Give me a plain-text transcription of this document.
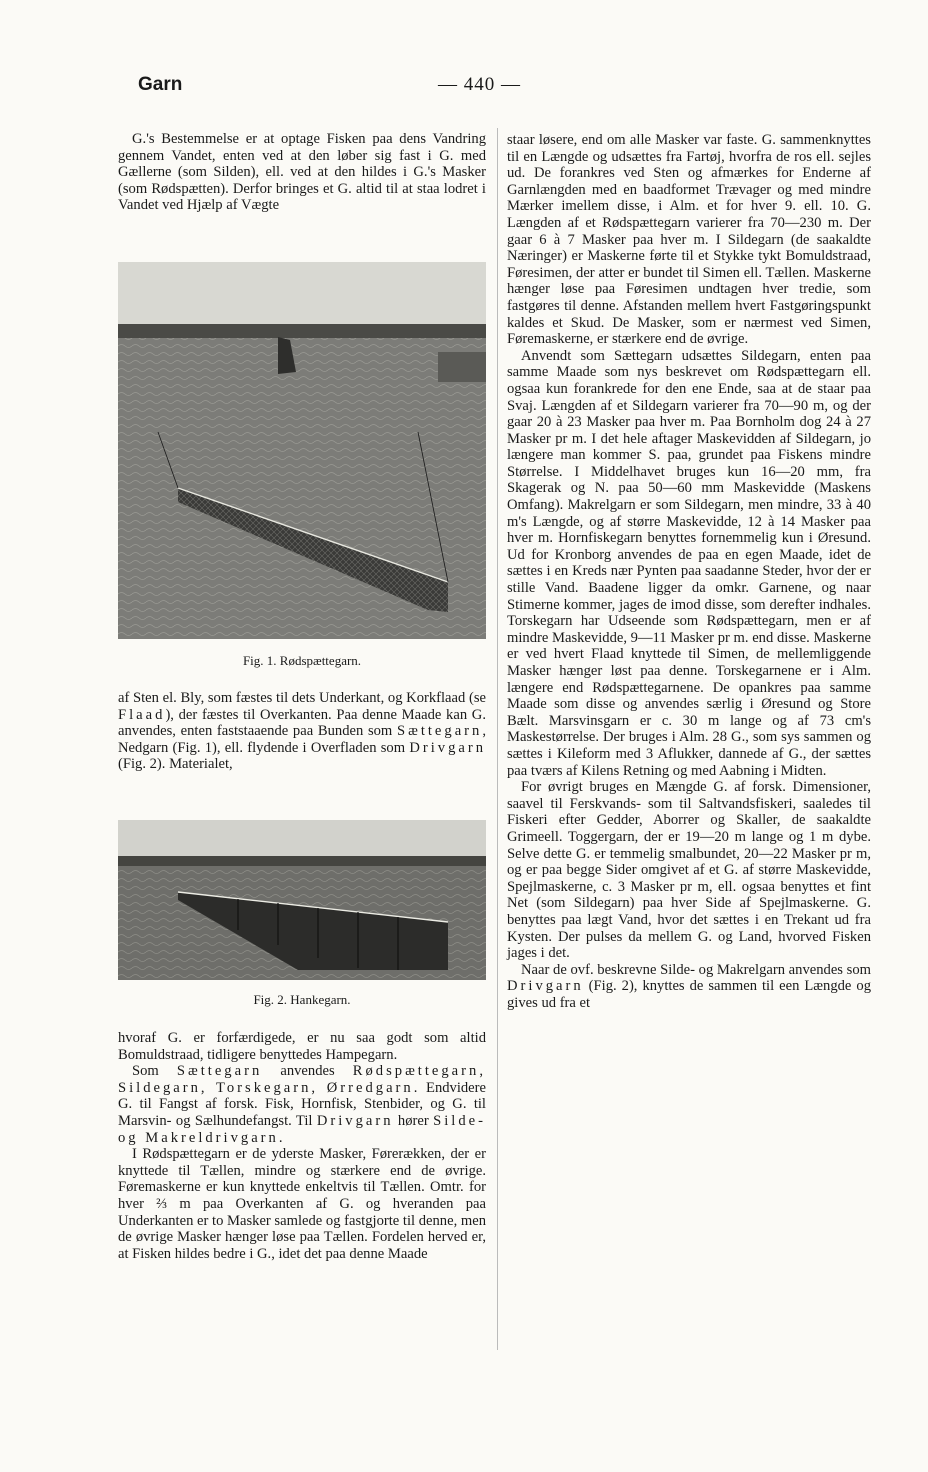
Garn	— 440 —

G.'s Bestemmelse er at optage Fisken paa dens Vandring gennem Vandet, enten ved at den løber sig fast i G. med Gællerne (som Silden), ell. ved at den hildes i G.'s Masker (som Rødspætten). Derfor bringes et G. altid til at staa lodret i Vandet ved Hjælp af Vægte

Fig. 1. Rødspættegarn.

af Sten el. Bly, som fæstes til dets Underkant, og Korkflaad (se Flaad), der fæstes til Overkanten. Paa denne Maade kan G. anvendes, enten faststaaende paa Bunden som Sættegarn, Nedgarn (Fig. 1), ell. flydende i Overfladen som Drivgarn (Fig. 2). Materialet,

Fig. 2. Hankegarn.

hvoraf G. er forfærdigede, er nu saa godt som altid Bomuldstraad, tidligere benyttedes Hampegarn.

Som Sættegarn anvendes Rødspættegarn, Sildegarn, Torskegarn, Ørredgarn. Endvidere G. til Fangst af forsk. Fisk, Hornfisk, Stenbider, og G. til Marsvin- og Sælhundefangst. Til Drivgarn hører Silde- og Makreldrivgarn.

I Rødspættegarn er de yderste Masker, Førerækken, der er knyttede til Tællen, mindre og stærkere end de øvrige. Føremaskerne er kun knyttede enkeltvis til Tællen. Omtr. for hver ⅔ m paa Overkanten af G. og hveranden paa Underkanten er to Masker samlede og fastgjorte til denne, men de øvrige Masker hænger løse paa Tællen. Fordelen herved er, at Fisken hildes bedre i G., idet det paa denne Maade

staar løsere, end om alle Masker var faste. G. sammenknyttes til en Længde og udsættes fra Fartøj, hvorfra de ros ell. sejles ud. De forankres ved Sten og afmærkes for Enderne af Garnlængden med en baadformet Trævager og med mindre Mærker imellem disse, i Alm. et for hver 9. ell. 10. G. Længden af et Rødspættegarn varierer fra 70—230 m. Der gaar 6 à 7 Masker paa hver m. I Sildegarn (de saakaldte Næringer) er Maskerne førte til et Stykke tykt Bomuldstraad, Føresimen, der atter er bundet til Simen ell. Tællen. Maskerne hænger løse paa Føresimen undtagen hver tredie, som fastgøres til denne. Afstanden mellem hvert Fastgøringspunkt kaldes et Skud. De Masker, som er nærmest ved Simen, Føremaskerne, er stærkere end de øvrige.

Anvendt som Sættegarn udsættes Sildegarn, enten paa samme Maade som nys beskrevet om Rødspættegarn ell. ogsaa kun forankrede for den ene Ende, saa at de staar paa Svaj. Længden af et Sildegarn varierer fra 70—90 m, og der gaar 20 à 23 Masker paa hver m. Paa Bornholm dog 24 à 27 Masker pr m. I det hele aftager Maskevidden af Sildegarn, jo længere man kommer S. paa, grundet paa Fiskens mindre Størrelse. I Middelhavet bruges kun 16—20 mm, fra Skagerak og N. paa 50—60 mm Maskevidde (Maskens Omfang). Makrelgarn er som Sildegarn, men mindre, 33 à 40 m's Længde, og af større Maskevidde, 12 à 14 Masker paa hver m. Hornfiskegarn benyttes fornemmelig kun i Øresund. Ud for Kronborg anvendes de paa en egen Maade, idet de sættes i en Kreds nær Pynten paa saadanne Steder, hvor der er stille Vand. Baadene ligger da omkr. Garnene, og naar Stimerne kommer, jages de imod disse, som derefter indhales. Torskegarn har Udseende som Rødspættegarn, men er af mindre Maskevidde, 9—11 Masker pr m. end disse. Maskerne er ved hvert Flaad knyttede til Simen, de mellemliggende Masker hænger løst paa denne. Torskegarnene er i Alm. længere end Rødspættegarnene. De opankres paa samme Maade som disse og anvendes særlig i Øresund og Store Bælt. Marsvinsgarn er c. 30 m lange og af 73 cm's Maskestørrelse. Der bruges i Alm. 28 G., som sys sammen og sættes i Kileform med 3 Aflukker, dannede af G., der sættes paa tværs af Kilens Retning og med Aabning i Midten.

For øvrigt bruges en Mængde G. af forsk. Dimensioner, saavel til Ferskvands- som til Saltvandsfiskeri, saaledes til Fiskeri efter Gedder, Aborrer og Skaller, de saakaldte Grimeell. Toggergarn, der er 19—20 m lange og 1 m dybe. Selve dette G. er temmelig smalbundet, 20—22 Masker pr m, og er paa begge Sider omgivet af et G. af større Maskevidde, Spejlmaskerne, c. 3 Masker pr m, ell. ogsaa benyttes et fint Net (som Sildegarn) paa hver Side af Spejlmaskerne. G. benyttes paa lægt Vand, hvor det sættes i en Trekant ud fra Kysten. Der pulses da mellem G. og Land, hvorved Fisken jages i det.

Naar de ovf. beskrevne Silde- og Makrelgarn anvendes som Drivgarn (Fig. 2), knyttes de sammen til een Længde og gives ud fra et
